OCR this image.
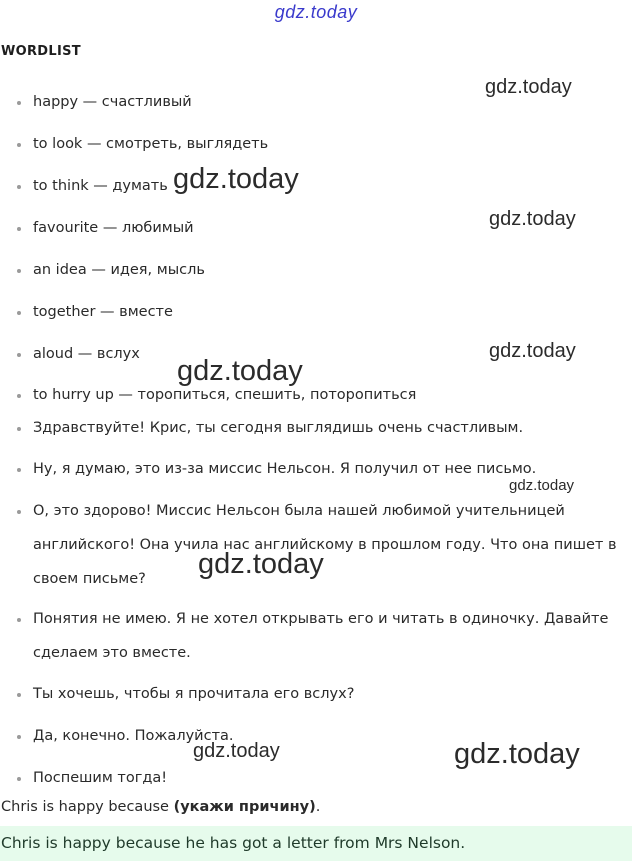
gdz.today
WORDLIST
happy — счастливый
to look — смотреть, выглядеть
to think — думать
favourite — любимый
an idea — идея, мысль
together — вместе
aloud — вслух
to hurry up — торопиться, спешить, поторопиться
Здравствуйте! Крис, ты сегодня выглядишь очень счастливым.
Ну, я думаю, это из-за миссис Нельсон. Я получил от нее письмо.
О, это здорово! Миссис Нельсон была нашей любимой учительницей английского! Она учила нас английскому в прошлом году. Что она пишет в своем письме?
Понятия не имею. Я не хотел открывать его и читать в одиночку. Давайте сделаем это вместе.
Ты хочешь, чтобы я прочитала его вслух?
Да, конечно. Пожалуйста.
Поспешим тогда!
gdz.today
gdz.today
gdz.today
gdz.today
gdz.today
gdz.today
gdz.today
gdz.today	gdz.today
Chris is happy because (укажи причину).
Chris is happy because he has got a letter from Mrs Nelson.
